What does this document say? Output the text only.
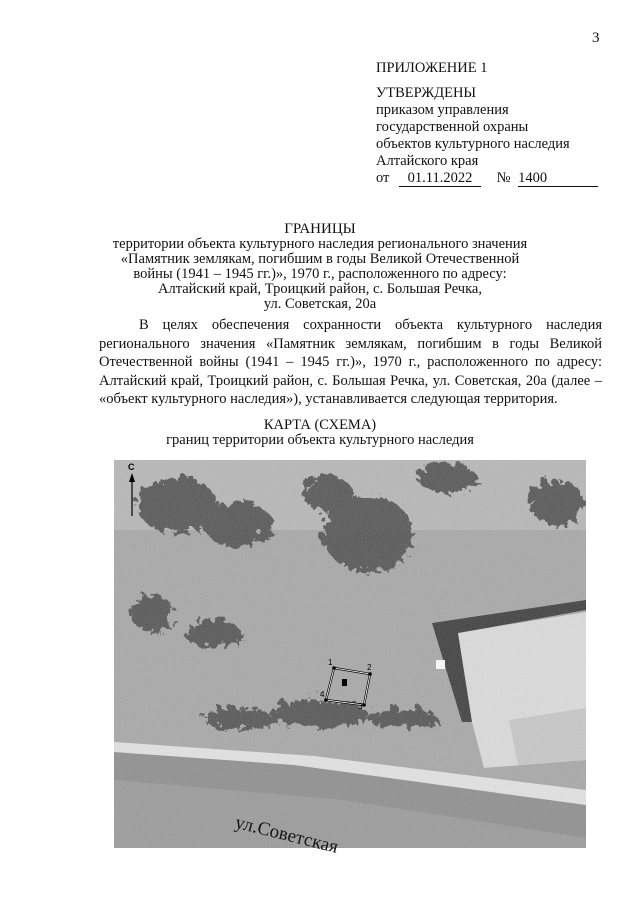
3
ПРИЛОЖЕНИЕ 1
УТВЕРЖДЕНЫ
приказом управления
государственной охраны
объектов культурного наследия
Алтайского края
от 01.11.2022 № 1400
ГРАНИЦЫ
территории объекта культурного наследия регионального значения
«Памятник землякам, погибшим в годы Великой Отечественной
войны (1941 – 1945 гг.)», 1970 г., расположенного по адресу:
Алтайский край, Троицкий район, с. Большая Речка,
ул. Советская, 20а
В целях обеспечения сохранности объекта культурного наследия регионального значения «Памятник землякам, погибшим в годы Великой Отечественной войны (1941 – 1945 гг.)», 1970 г., расположенного по адресу: Алтайский край, Троицкий район, с. Большая Речка, ул. Советская, 20а (далее – «объект культурного наследия»), устанавливается следующая территория.
КАРТА (СХЕМА)
границ территории объекта культурного наследия
С
1
2
3
4
ул.Советская
